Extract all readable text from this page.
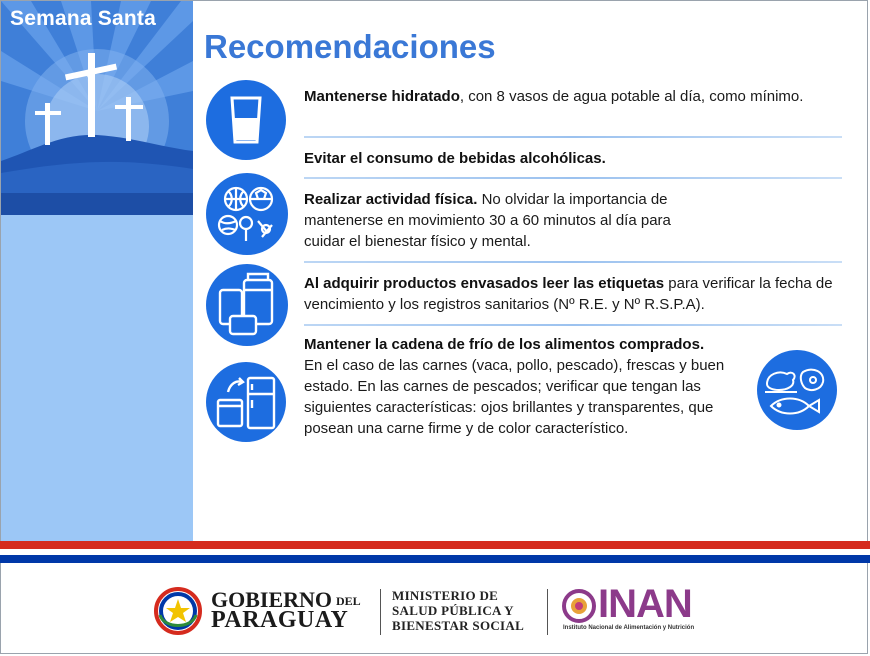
Semana Santa
Recomendaciones
Mantenerse hidratado, con 8 vasos de agua potable al día, como mínimo.
Evitar el consumo de bebidas alcohólicas.
Realizar actividad física. No olvidar la importancia de mantenerse en movimiento 30 a 60 minutos al día para cuidar el bienestar físico y mental.
Al adquirir productos envasados leer las etiquetas para verificar la fecha de vencimiento y los registros sanitarios (Nº R.E. y Nº R.S.P.A).
Mantener la cadena de frío de los alimentos comprados.
En el caso de las carnes (vaca, pollo, pescado), frescas y buen estado. En las carnes de pescados; verificar que tengan las siguientes características: ojos brillantes y transparentes, que posean una carne firme y de color característico.
GOBIERNO DEL
PARAGUAY
MINISTERIO DE
SALUD PÚBLICA Y
BIENESTAR SOCIAL INAN
Instituto Nacional de Alimentación y Nutrición
